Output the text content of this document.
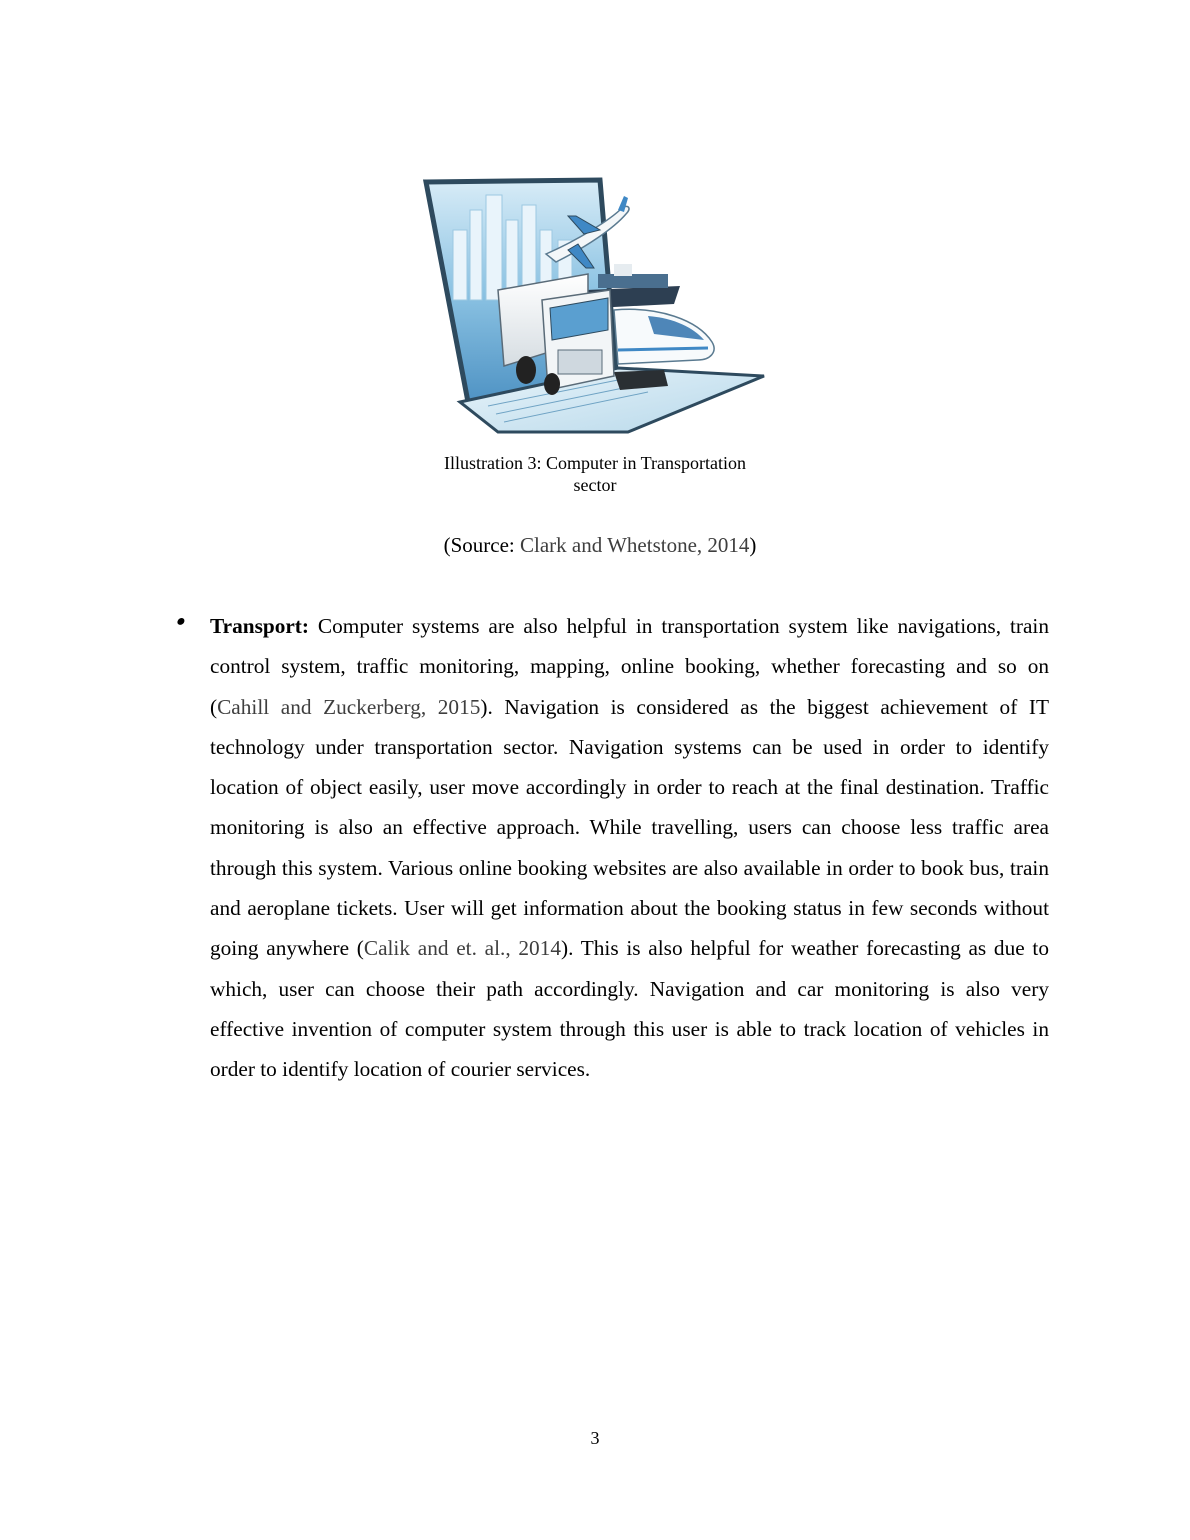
Illustration 3: Computer in Transportation
sector
(Source: Clark and Whetstone, 2014)
● Transport: Computer systems are also helpful in transportation system like navigations, train control system, traffic monitoring, mapping, online booking, whether forecasting and so on (Cahill and Zuckerberg, 2015). Navigation is considered as the biggest achievement of IT technology under transportation sector. Navigation systems can be used in order to identify location of object easily, user move accordingly in order to reach at the final destination. Traffic monitoring is also an effective approach. While travelling, users can choose less traffic area through this system. Various online booking websites are also available in order to book bus, train and aeroplane tickets. User will get information about the booking status in few seconds without going anywhere (Calik and et. al., 2014). This is also helpful for weather forecasting as due to which, user can choose their path accordingly. Navigation and car monitoring is also very effective invention of computer system through this user is able to track location of vehicles in order to identify location of courier services.
3
